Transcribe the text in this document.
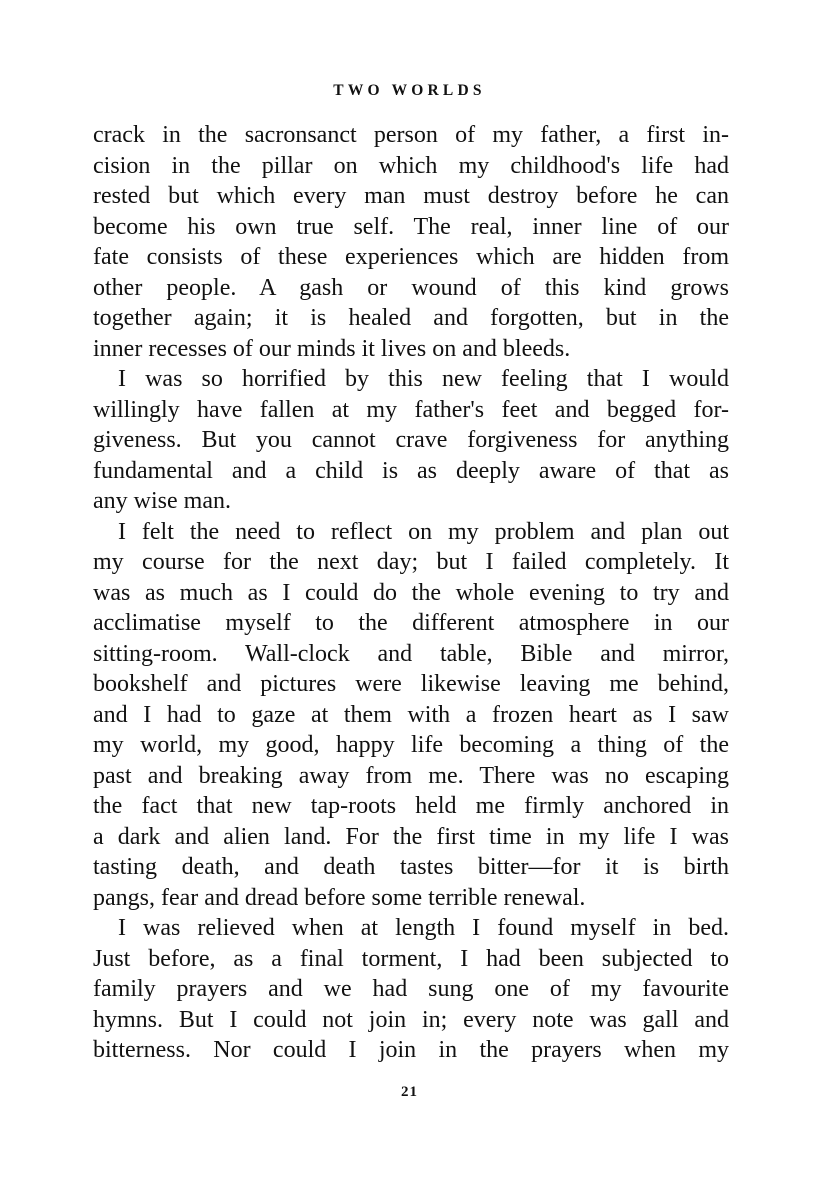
TWO WORLDS
crack in the sacronsanct person of my father, a first in-
cision in the pillar on which my childhood's life had
rested but which every man must destroy before he can
become his own true self. The real, inner line of our
fate consists of these experiences which are hidden from
other people. A gash or wound of this kind grows
together again; it is healed and forgotten, but in the
inner recesses of our minds it lives on and bleeds.
I was so horrified by this new feeling that I would
willingly have fallen at my father's feet and begged for-
giveness. But you cannot crave forgiveness for anything
fundamental and a child is as deeply aware of that as
any wise man.
I felt the need to reflect on my problem and plan out
my course for the next day; but I failed completely. It
was as much as I could do the whole evening to try and
acclimatise myself to the different atmosphere in our
sitting-room. Wall-clock and table, Bible and mirror,
bookshelf and pictures were likewise leaving me behind,
and I had to gaze at them with a frozen heart as I saw
my world, my good, happy life becoming a thing of the
past and breaking away from me. There was no escaping
the fact that new tap-roots held me firmly anchored in
a dark and alien land. For the first time in my life I was
tasting death, and death tastes bitter—for it is birth
pangs, fear and dread before some terrible renewal.
I was relieved when at length I found myself in bed.
Just before, as a final torment, I had been subjected to
family prayers and we had sung one of my favourite
hymns. But I could not join in; every note was gall and
bitterness. Nor could I join in the prayers when my
21
